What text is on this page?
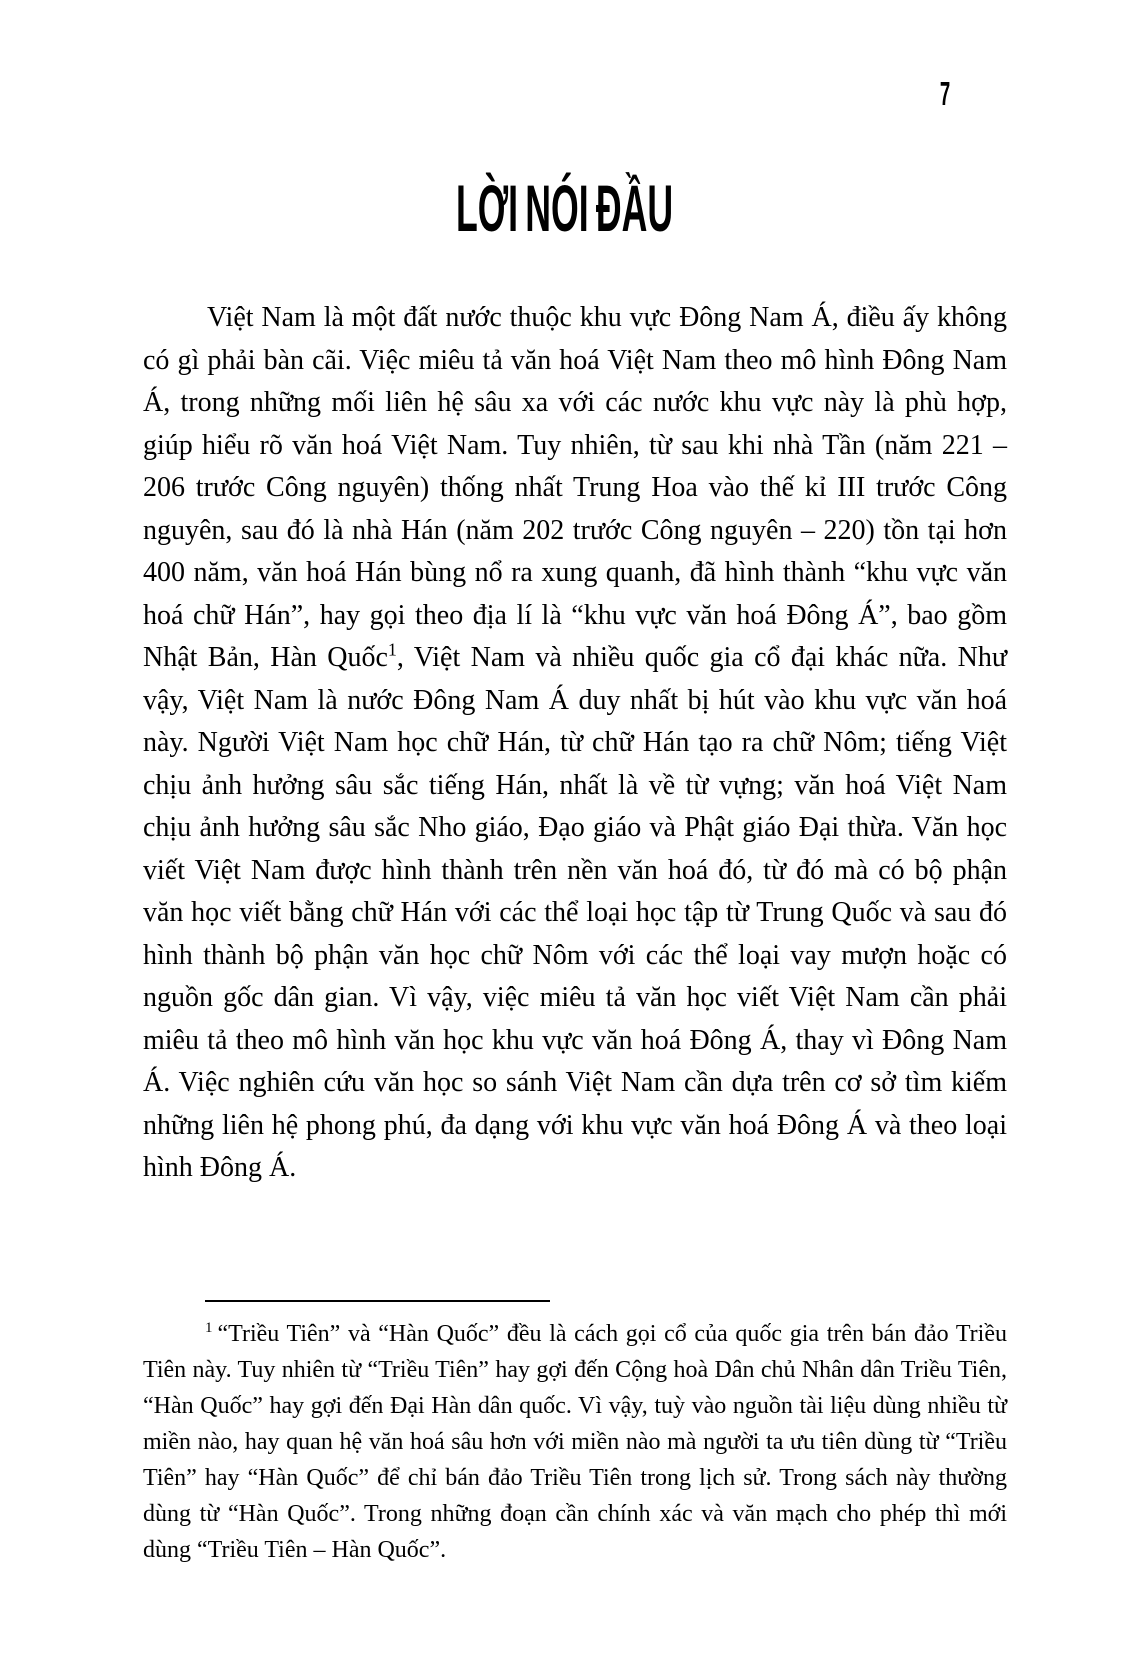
7
LỜI NÓI ĐẦU

Việt Nam là một đất nước thuộc khu vực Đông Nam Á, điều ấy không có gì phải bàn cãi. Việc miêu tả văn hoá Việt Nam theo mô hình Đông Nam Á, trong những mối liên hệ sâu xa với các nước khu vực này là phù hợp, giúp hiểu rõ văn hoá Việt Nam. Tuy nhiên, từ sau khi nhà Tần (năm 221 – 206 trước Công nguyên) thống nhất Trung Hoa vào thế kỉ III trước Công nguyên, sau đó là nhà Hán (năm 202 trước Công nguyên – 220) tồn tại hơn 400 năm, văn hoá Hán bùng nổ ra xung quanh, đã hình thành “khu vực văn hoá chữ Hán”, hay gọi theo địa lí là “khu vực văn hoá Đông Á”, bao gồm Nhật Bản, Hàn Quốc$^1$, Việt Nam và nhiều quốc gia cổ đại khác nữa. Như vậy, Việt Nam là nước Đông Nam Á duy nhất bị hút vào khu vực văn hoá này. Người Việt Nam học chữ Hán, từ chữ Hán tạo ra chữ Nôm; tiếng Việt chịu ảnh hưởng sâu sắc tiếng Hán, nhất là về từ vựng; văn hoá Việt Nam chịu ảnh hưởng sâu sắc Nho giáo, Đạo giáo và Phật giáo Đại thừa. Văn học viết Việt Nam được hình thành trên nền văn hoá đó, từ đó mà có bộ phận văn học viết bằng chữ Hán với các thể loại học tập từ Trung Quốc và sau đó hình thành bộ phận văn học chữ Nôm với các thể loại vay mượn hoặc có nguồn gốc dân gian. Vì vậy, việc miêu tả văn học viết Việt Nam cần phải miêu tả theo mô hình văn học khu vực văn hoá Đông Á, thay vì Đông Nam Á. Việc nghiên cứu văn học so sánh Việt Nam cần dựa trên cơ sở tìm kiếm những liên hệ phong phú, đa dạng với khu vực văn hoá Đông Á và theo loại hình Đông Á.

$^1$ “Triều Tiên” và “Hàn Quốc” đều là cách gọi cổ của quốc gia trên bán đảo Triều Tiên này. Tuy nhiên từ “Triều Tiên” hay gợi đến Cộng hoà Dân chủ Nhân dân Triều Tiên, “Hàn Quốc” hay gợi đến Đại Hàn dân quốc. Vì vậy, tuỳ vào nguồn tài liệu dùng nhiều từ miền nào, hay quan hệ văn hoá sâu hơn với miền nào mà người ta ưu tiên dùng từ “Triều Tiên” hay “Hàn Quốc” để chỉ bán đảo Triều Tiên trong lịch sử. Trong sách này thường dùng từ “Hàn Quốc”. Trong những đoạn cần chính xác và văn mạch cho phép thì mới dùng “Triều Tiên – Hàn Quốc”.
